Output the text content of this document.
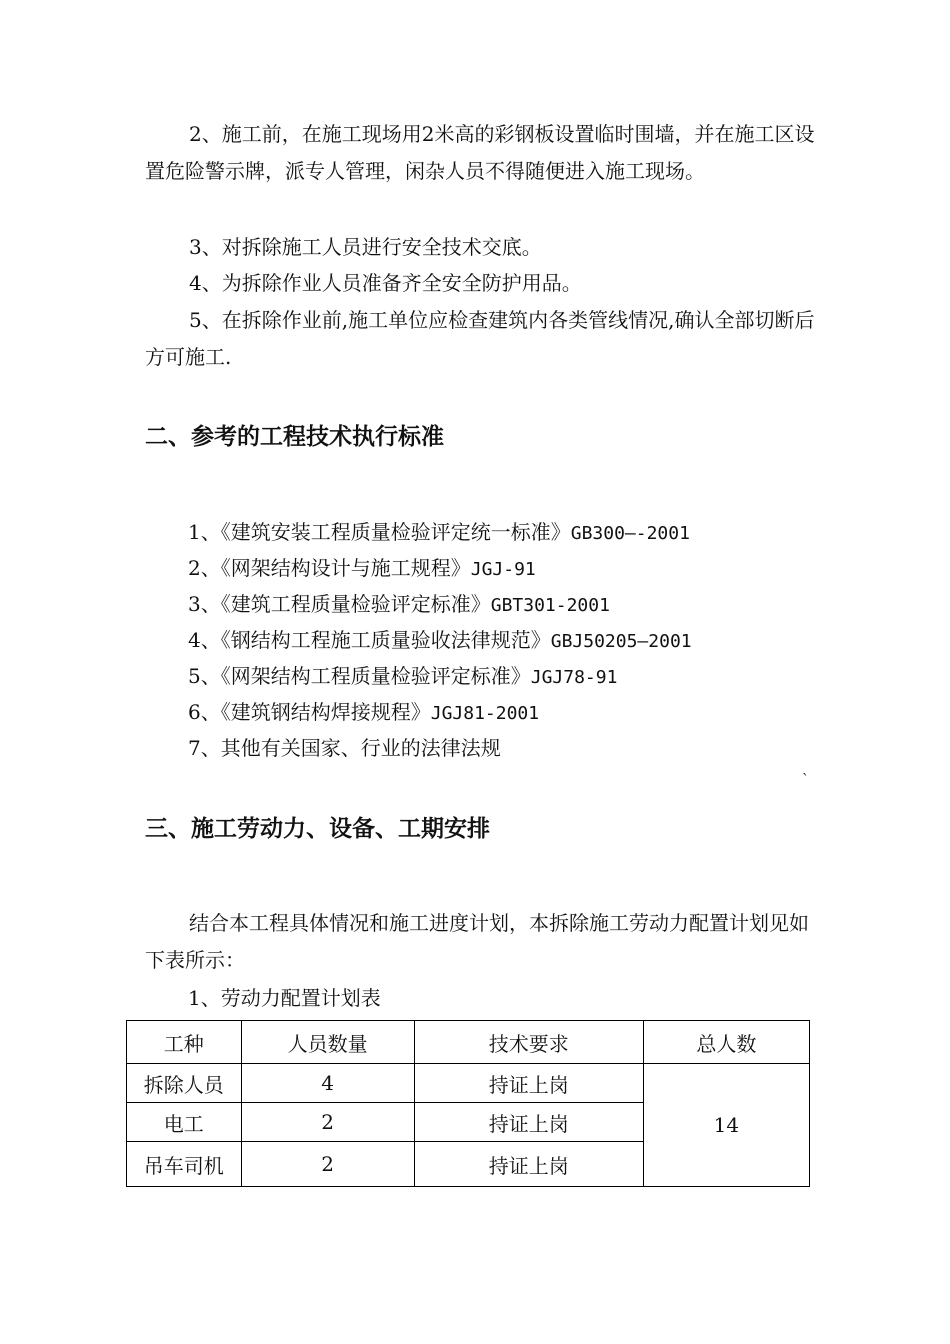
2、施工前，在施工现场用2米高的彩钢板设置临时围墙，并在施工区设置危险警示牌，派专人管理，闲杂人员不得随便进入施工现场。
3、对拆除施工人员进行安全技术交底。
4、为拆除作业人员准备齐全安全防护用品。
5、在拆除作业前,施工单位应检查建筑内各类管线情况,确认全部切断后方可施工.
二、参考的工程技术执行标准
1、《建筑安装工程质量检验评定统一标准》GB300—-2001
2、《网架结构设计与施工规程》JGJ-91
3、《建筑工程质量检验评定标准》GBT301-2001
4、《钢结构工程施工质量验收法律规范》GBJ50205—2001
5、《网架结构工程质量检验评定标准》JGJ78-91
6、《建筑钢结构焊接规程》JGJ81-2001
7、其他有关国家、行业的法律法规
`
三、施工劳动力、设备、工期安排
结合本工程具体情况和施工进度计划，本拆除施工劳动力配置计划见如下表所示：
1、劳动力配置计划表
工种	人员数量	技术要求	总人数
拆除人员	4	持证上岗	14
电工	2	持证上岗	
吊车司机	2	持证上岗	
